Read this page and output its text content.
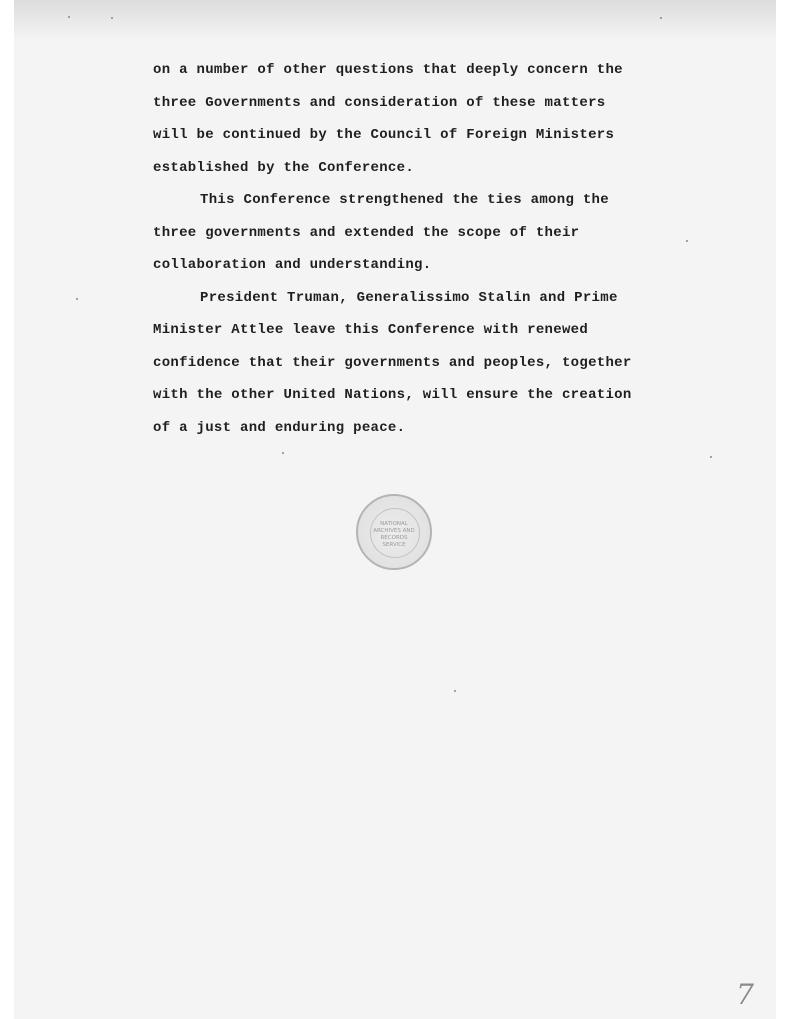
on a number of other questions that deeply concern the
three Governments and consideration of these matters
will be continued by the Council of Foreign Ministers
established by the Conference.
This Conference strengthened the ties among the
three governments and extended the scope of their
collaboration and understanding.
President Truman, Generalissimo Stalin and Prime
Minister Attlee leave this Conference with renewed
confidence that their governments and peoples, together
with the other United Nations, will ensure the creation
of a just and enduring peace.
NATIONAL
ARCHIVES AND
RECORDS
SERVICE
7
